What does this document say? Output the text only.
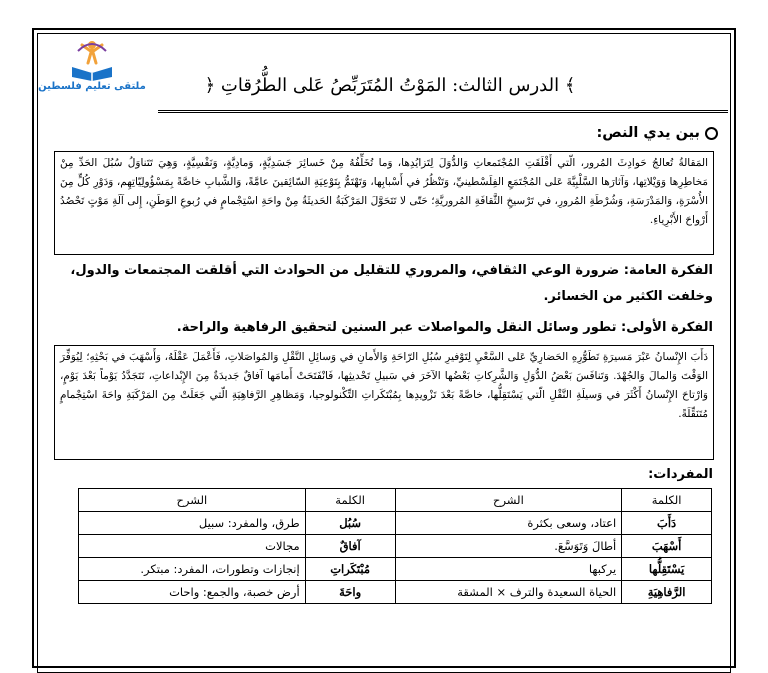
ملتقى تعليم فلسطين	﴾ الدرس الثالث: المَوْتُ المُتَرَبِّصُ عَلى الطُّرُقاتِ ﴿
بين يدي النص:
المَقالةُ تُعالجُ حَوادِثَ المُرور، الّتي أَقْلَقَتِ المُجْتَمعاتِ وَالدُّوَلَ لِتَزايُدِها، وَما تُخَلِّفُهُ مِنْ خَسائِرَ جَسَدِيَّةٍ، وَمادِيَّةٍ، وَنَفْسِيَّةٍ، وَهِيَ تَتَناوَلُ سُبُلَ الحَدِّ مِنْ مَخاطِرِها وَوَيْلاتِها، وَآثارَها السَّلْبِيَّةَ عَلى المُجْتَمَعِ الفِلَسْطينيِّ، وَتَنْظُرُ في أَسْبابِها، وَتَهْتَمُّ بِتَوْعِيَةِ السّائِقينَ عامَّةً، وَالشَّبابِ خاصَّةً بِمَسْؤُولِيّاتِهِم، وَدَوْرِ كُلٍّ مِنَ الأُسْرَةِ، وَالمَدْرَسَةِ، وَشُرْطَةِ المُرورِ، في تَرْسيخِ الثَّقافَةِ المُروريَّةِ؛ حَتّى لا تَتَحَوَّلَ المَرْكَبَةُ الحَديثَةُ مِنْ واحَةِ اسْتِجْمامٍ في رُبوعِ الوَطَنِ، إِلى آلَةِ مَوْتٍ تَحْصُدُ أَرْواحَ الأَبْرِياءِ.
الفكرة العامة: ضرورة الوعي الثقافي، والمروري للتقليل من الحوادث التي أقلقت المجتمعات والدول،
وخلفت الكثير من الخسائر.
الفكرة الأولى: تطور وسائل النقل والمواصلات عبر السنين لتحقيق الرفاهية والراحة.
دَأَبَ الإِنْسانُ عَبْرَ مَسيرَةِ تَطَوُّرِهِ الحَضارِيِّ عَلى السَّعْيِ لِتَوْفيرِ سُبُلِ الرّاحَةِ وَالأَمانِ في وَسائِلِ النَّقْلِ وَالمُواصَلاتِ، فَأَعْمَلَ عَقْلَهُ، وَأَسْهَبَ في بَحْثِهِ؛ لِيُوَفِّرَ الوَقْتَ وَالمالَ وَالجُهْدَ. وَتَنافَسَ بَعْضُ الدُّوَلِ وَالشَّرِكاتِ بَعْضُها الآخَرَ في سَبيلِ تَحْديثِها، فَانْفَتَحَتْ أَمامَها آفاقٌ جَديدَةٌ مِنَ الإِبْداعاتِ، تَتَجَدَّدُ يَوْماً بَعْدَ يَوْمٍ، وَارْتاحَ الإِنْسانُ أَكْثَرَ في وَسيلَةِ النَّقْلِ الّتي يَسْتَقِلُّها، خاصَّةً بَعْدَ تَزْويدِها بِمُبْتَكَراتِ التِّكْنولوجيا، وَمَظاهِرِ الرَّفاهِيَةِ الّتي جَعَلَتْ مِنَ المَرْكَبَةِ واحَةَ اسْتِجْمامٍ مُتَنَقِّلَةً.
المفردات:
الكلمة	الشرح	الكلمة	الشرح
دَأَبَ	اعتاد، وسعى بكثرة	سُبُل	طرق، والمفرد: سبيل
أَسْهَبَ	أطالَ وَتَوَسَّعَ.	آفاقٌ	مجالات
يَسْتَقِلُّها	يركبها	مُبْتَكَراتِ	إنجازات وتطورات، المفرد: مبتكر.
الرَّفاهِيَةِ	الحياة السعيدة والترف × المشقة	واحَةَ	أرض خصبة، والجمع: واحات
